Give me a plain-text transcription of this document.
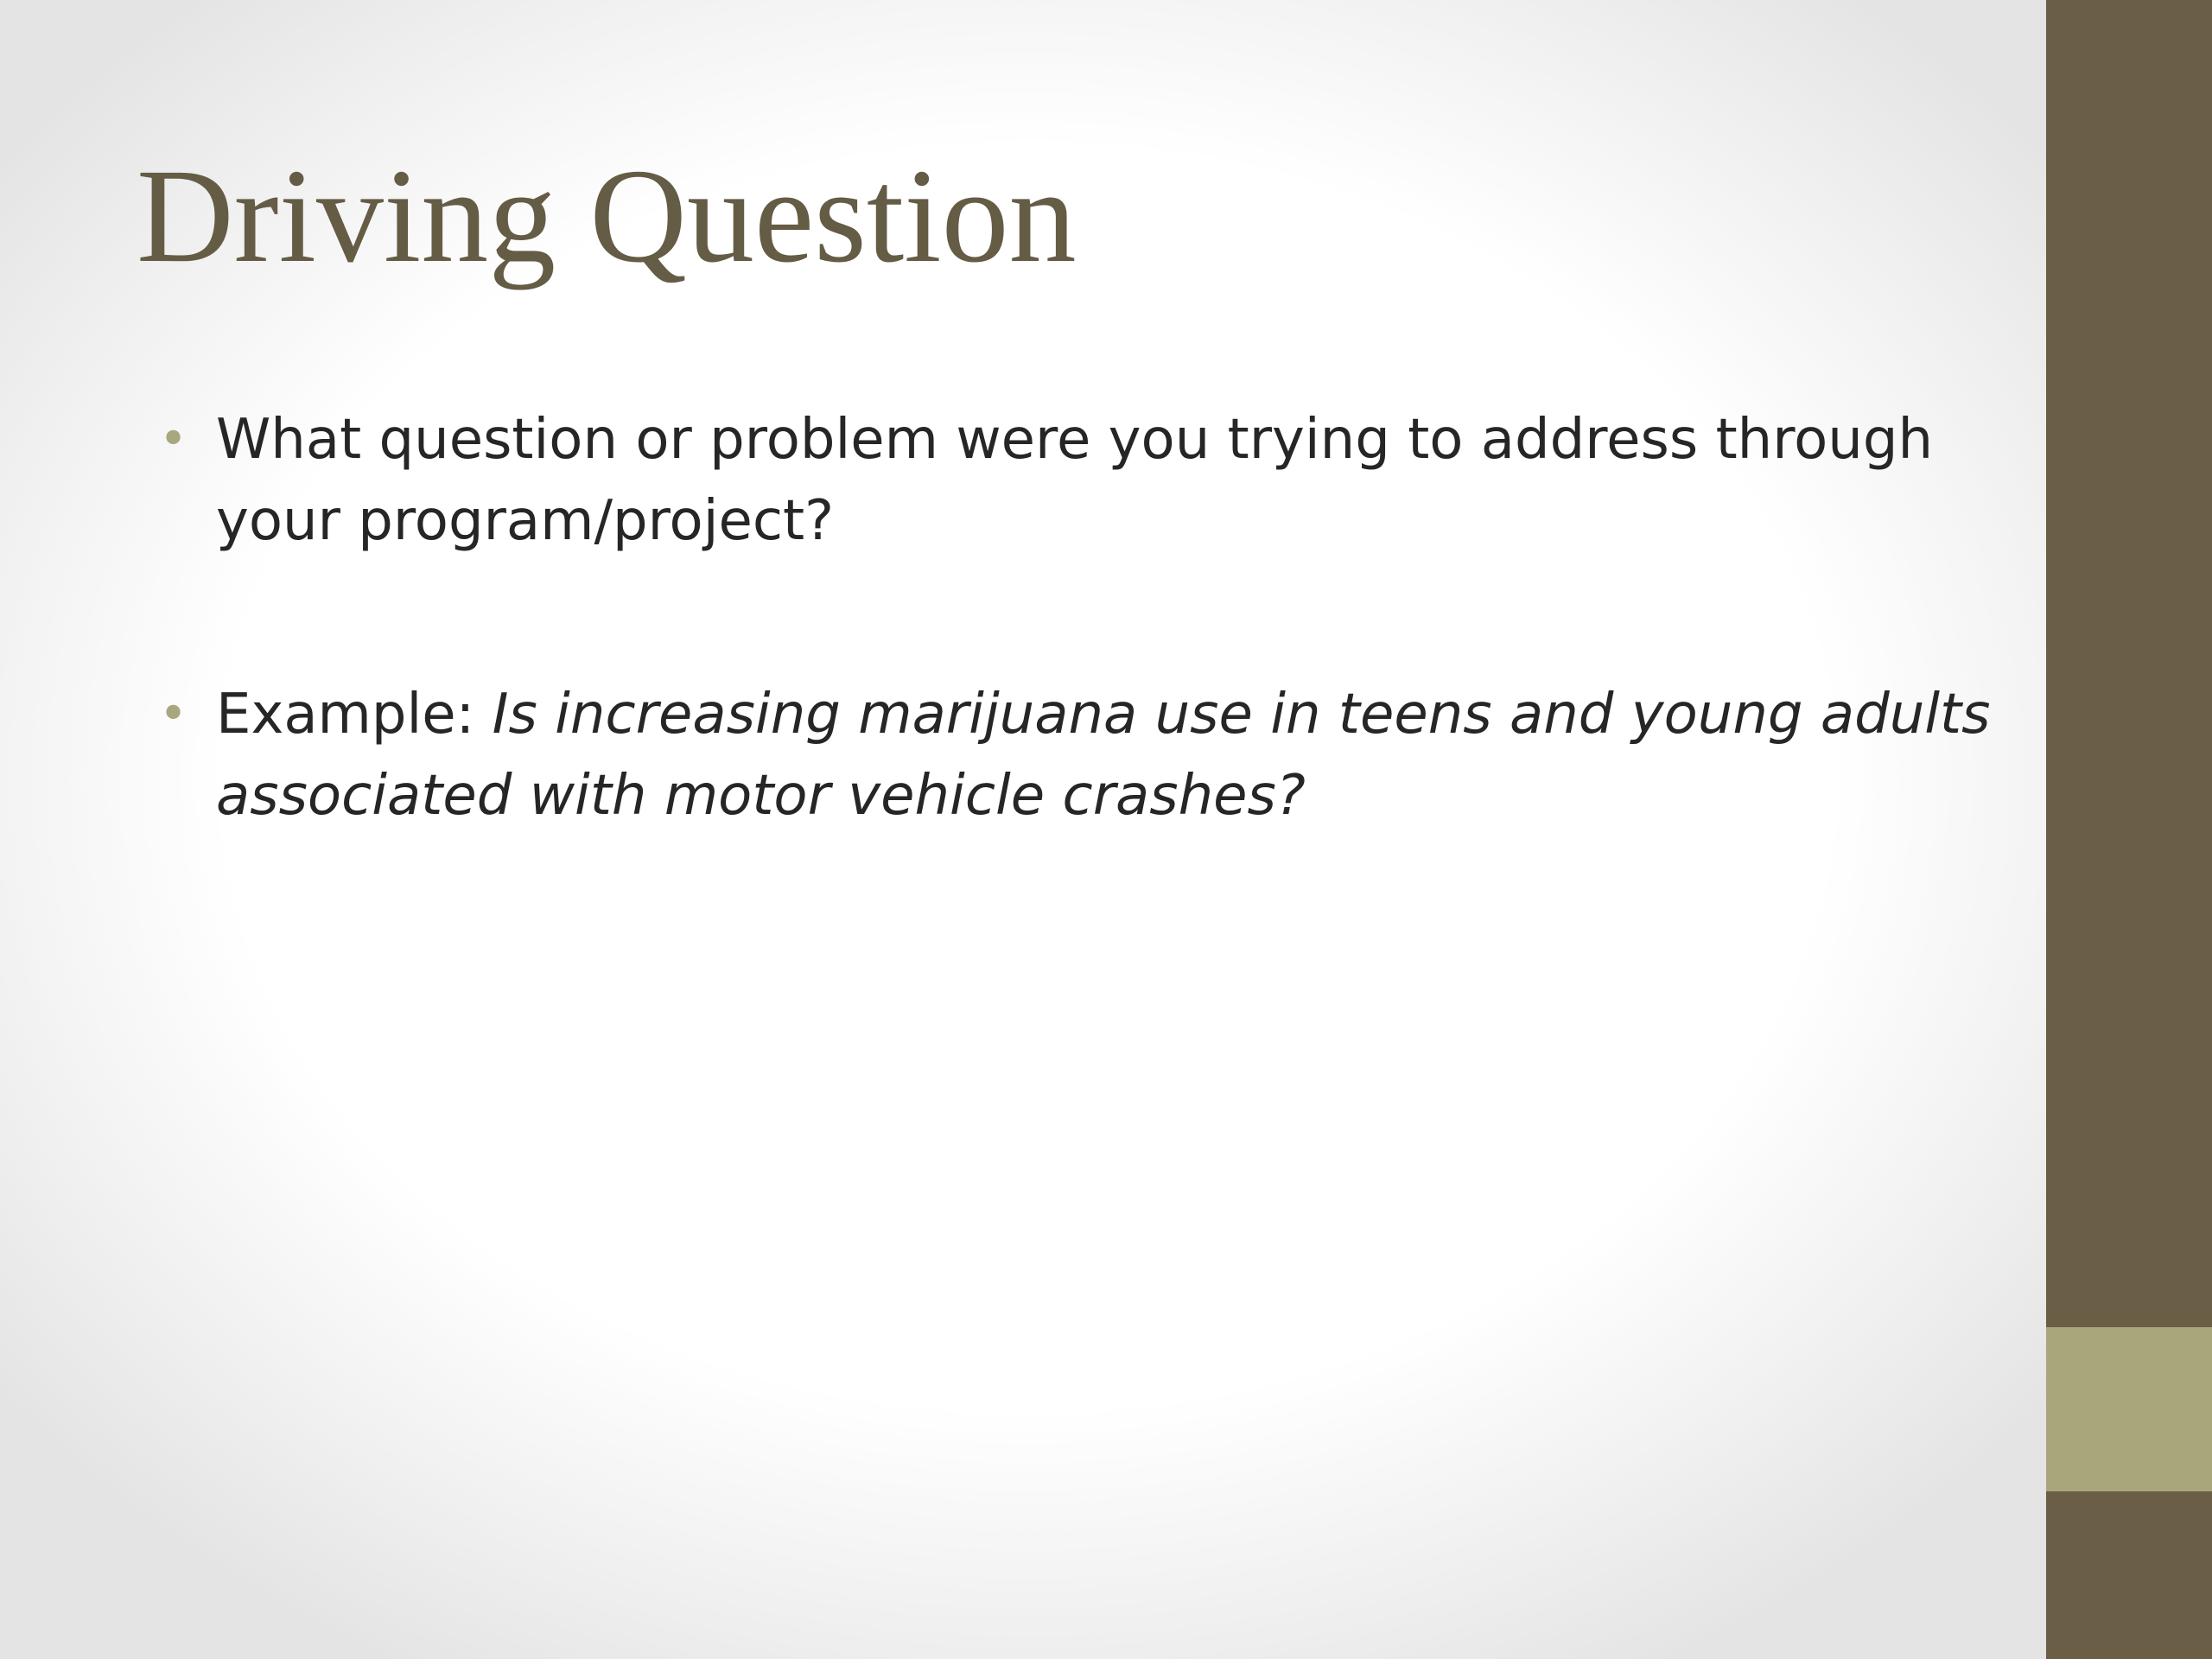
Driving Question
• What question or problem were you trying to address through your program/project?
• Example: Is increasing marijuana use in teens and young adults associated with motor vehicle crashes?
